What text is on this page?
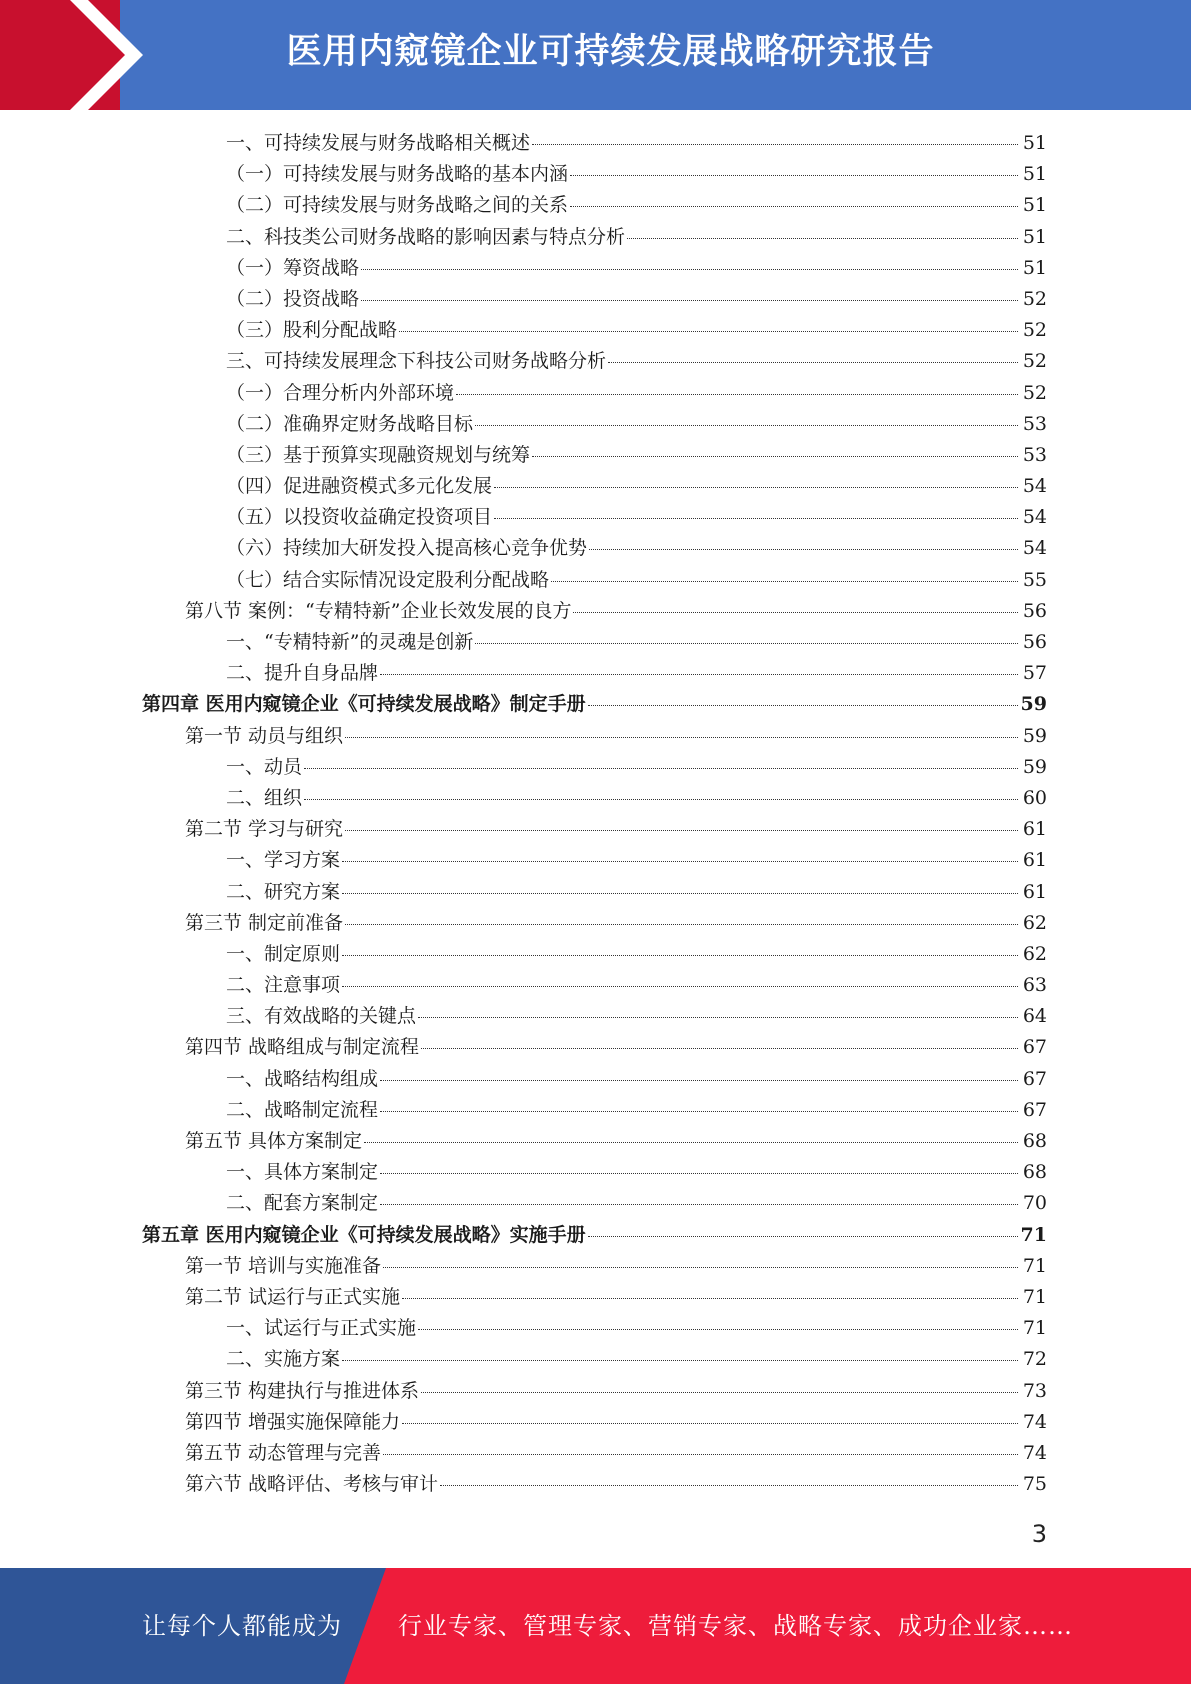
医用内窥镜企业可持续发展战略研究报告
一、可持续发展与财务战略相关概述	51
（一）可持续发展与财务战略的基本内涵	51
（二）可持续发展与财务战略之间的关系	51
二、科技类公司财务战略的影响因素与特点分析	51
（一）筹资战略	51
（二）投资战略	52
（三）股利分配战略	52
三、可持续发展理念下科技公司财务战略分析	52
（一）合理分析内外部环境	52
（二）准确界定财务战略目标	53
（三）基于预算实现融资规划与统筹	53
（四）促进融资模式多元化发展	54
（五）以投资收益确定投资项目	54
（六）持续加大研发投入提高核心竞争优势	54
（七）结合实际情况设定股利分配战略	55
第八节 案例：“专精特新”企业长效发展的良方	56
一、“专精特新”的灵魂是创新	56
二、提升自身品牌	57
第四章 医用内窥镜企业《可持续发展战略》制定手册	59
第一节 动员与组织	59
一、动员	59
二、组织	60
第二节 学习与研究	61
一、学习方案	61
二、研究方案	61
第三节 制定前准备	62
一、制定原则	62
二、注意事项	63
三、有效战略的关键点	64
第四节 战略组成与制定流程	67
一、战略结构组成	67
二、战略制定流程	67
第五节 具体方案制定	68
一、具体方案制定	68
二、配套方案制定	70
第五章 医用内窥镜企业《可持续发展战略》实施手册	71
第一节 培训与实施准备	71
第二节 试运行与正式实施	71
一、试运行与正式实施	71
二、实施方案	72
第三节 构建执行与推进体系	73
第四节 增强实施保障能力	74
第五节 动态管理与完善	74
第六节 战略评估、考核与审计	75
3
让每个人都能成为 行业专家、管理专家、营销专家、战略专家、成功企业家……
